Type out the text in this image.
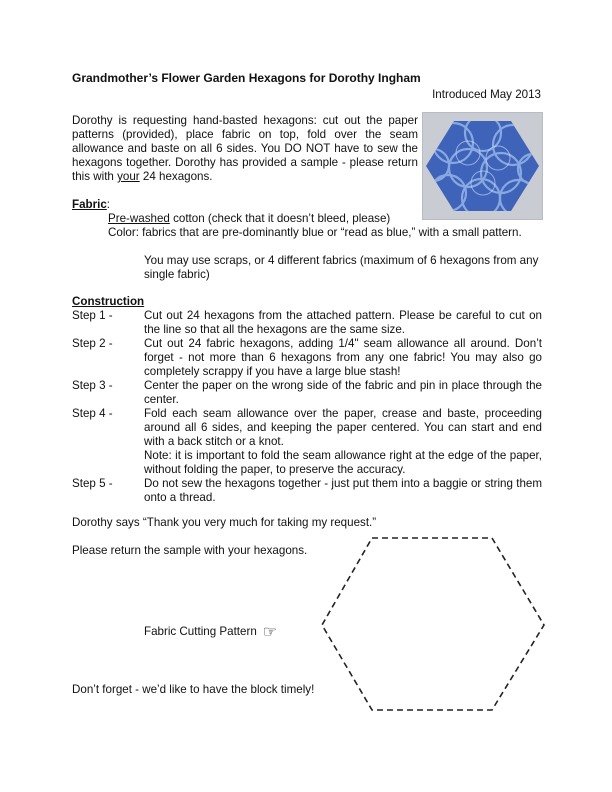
Grandmother’s Flower Garden Hexagons for Dorothy Ingham
Introduced May 2013
Dorothy is requesting hand-basted hexagons: cut out the paper patterns (provided), place fabric on top, fold over the seam allowance and baste on all 6 sides. You DO NOT have to sew the hexagons together. Dorothy has provided a sample - please return this with your 24 hexagons.
Fabric:
Pre-washed cotton (check that it doesn’t bleed, please)
Color: fabrics that are pre-dominantly blue or “read as blue,” with a small pattern.
You may use scraps, or 4 different fabrics (maximum of 6 hexagons from any single fabric)
Construction
Step 1 -	Cut out 24 hexagons from the attached pattern. Please be careful to cut on the line so that all the hexagons are the same size.
Step 2 -	Cut out 24 fabric hexagons, adding 1/4" seam allowance all around. Don’t forget - not more than 6 hexagons from any one fabric! You may also go completely scrappy if you have a large blue stash!
Step 3 -	Center the paper on the wrong side of the fabric and pin in place through the center.
Step 4 -	Fold each seam allowance over the paper, crease and baste, proceeding around all 6 sides, and keeping the paper centered. You can start and end with a back stitch or a knot.
Note: it is important to fold the seam allowance right at the edge of the paper, without folding the paper, to preserve the accuracy.
Step 5 -	Do not sew the hexagons together - just put them into a baggie or string them onto a thread.
Dorothy says “Thank you very much for taking my request.”
Please return the sample with your hexagons.
Fabric Cutting Pattern ☞
Don’t forget - we’d like to have the block timely!
